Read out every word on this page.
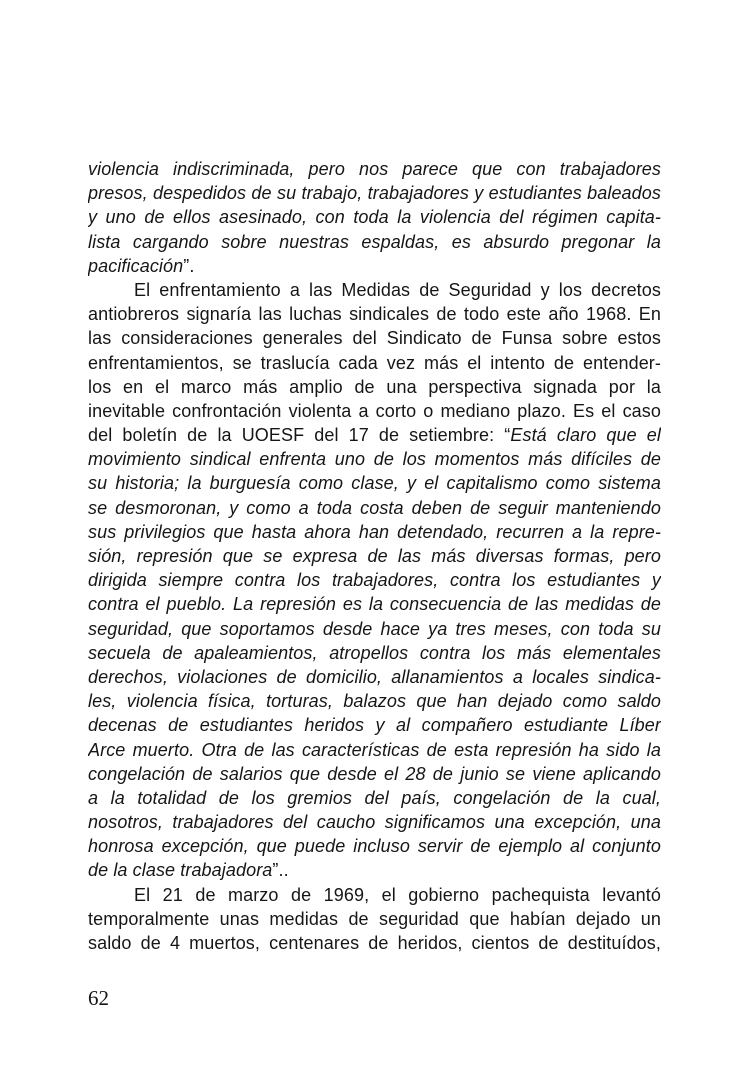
violencia indiscriminada, pero nos parece que con trabajadores
presos, despedidos de su trabajo, trabajadores y estudiantes baleados
y uno de ellos asesinado, con toda la violencia del régimen capita-
lista cargando sobre nuestras espaldas, es absurdo pregonar la
pacificación”.
El enfrentamiento a las Medidas de Seguridad y los decretos
antiobreros signaría las luchas sindicales de todo este año 1968. En
las consideraciones generales del Sindicato de Funsa sobre estos
enfrentamientos, se traslucía cada vez más el intento de entender-
los en el marco más amplio de una perspectiva signada por la
inevitable confrontación violenta a corto o mediano plazo. Es el caso
del boletín de la UOESF del 17 de setiembre: “Está claro que el
movimiento sindical enfrenta uno de los momentos más difíciles de
su historia; la burguesía como clase, y el capitalismo como sistema
se desmoronan, y como a toda costa deben de seguir manteniendo
sus privilegios que hasta ahora han detendado, recurren a la repre-
sión, represión que se expresa de las más diversas formas, pero
dirigida siempre contra los trabajadores, contra los estudiantes y
contra el pueblo. La represión es la consecuencia de las medidas de
seguridad, que soportamos desde hace ya tres meses, con toda su
secuela de apaleamientos, atropellos contra los más elementales
derechos, violaciones de domicilio, allanamientos a locales sindica-
les, violencia física, torturas, balazos que han dejado como saldo
decenas de estudiantes heridos y al compañero estudiante Líber
Arce muerto. Otra de las características de esta represión ha sido la
congelación de salarios que desde el 28 de junio se viene aplicando
a la totalidad de los gremios del país, congelación de la cual,
nosotros, trabajadores del caucho significamos una excepción, una
honrosa excepción, que puede incluso servir de ejemplo al conjunto
de la clase trabajadora”..
El 21 de marzo de 1969, el gobierno pachequista levantó
temporalmente unas medidas de seguridad que habían dejado un
saldo de 4 muertos, centenares de heridos, cientos de destituídos,
62
